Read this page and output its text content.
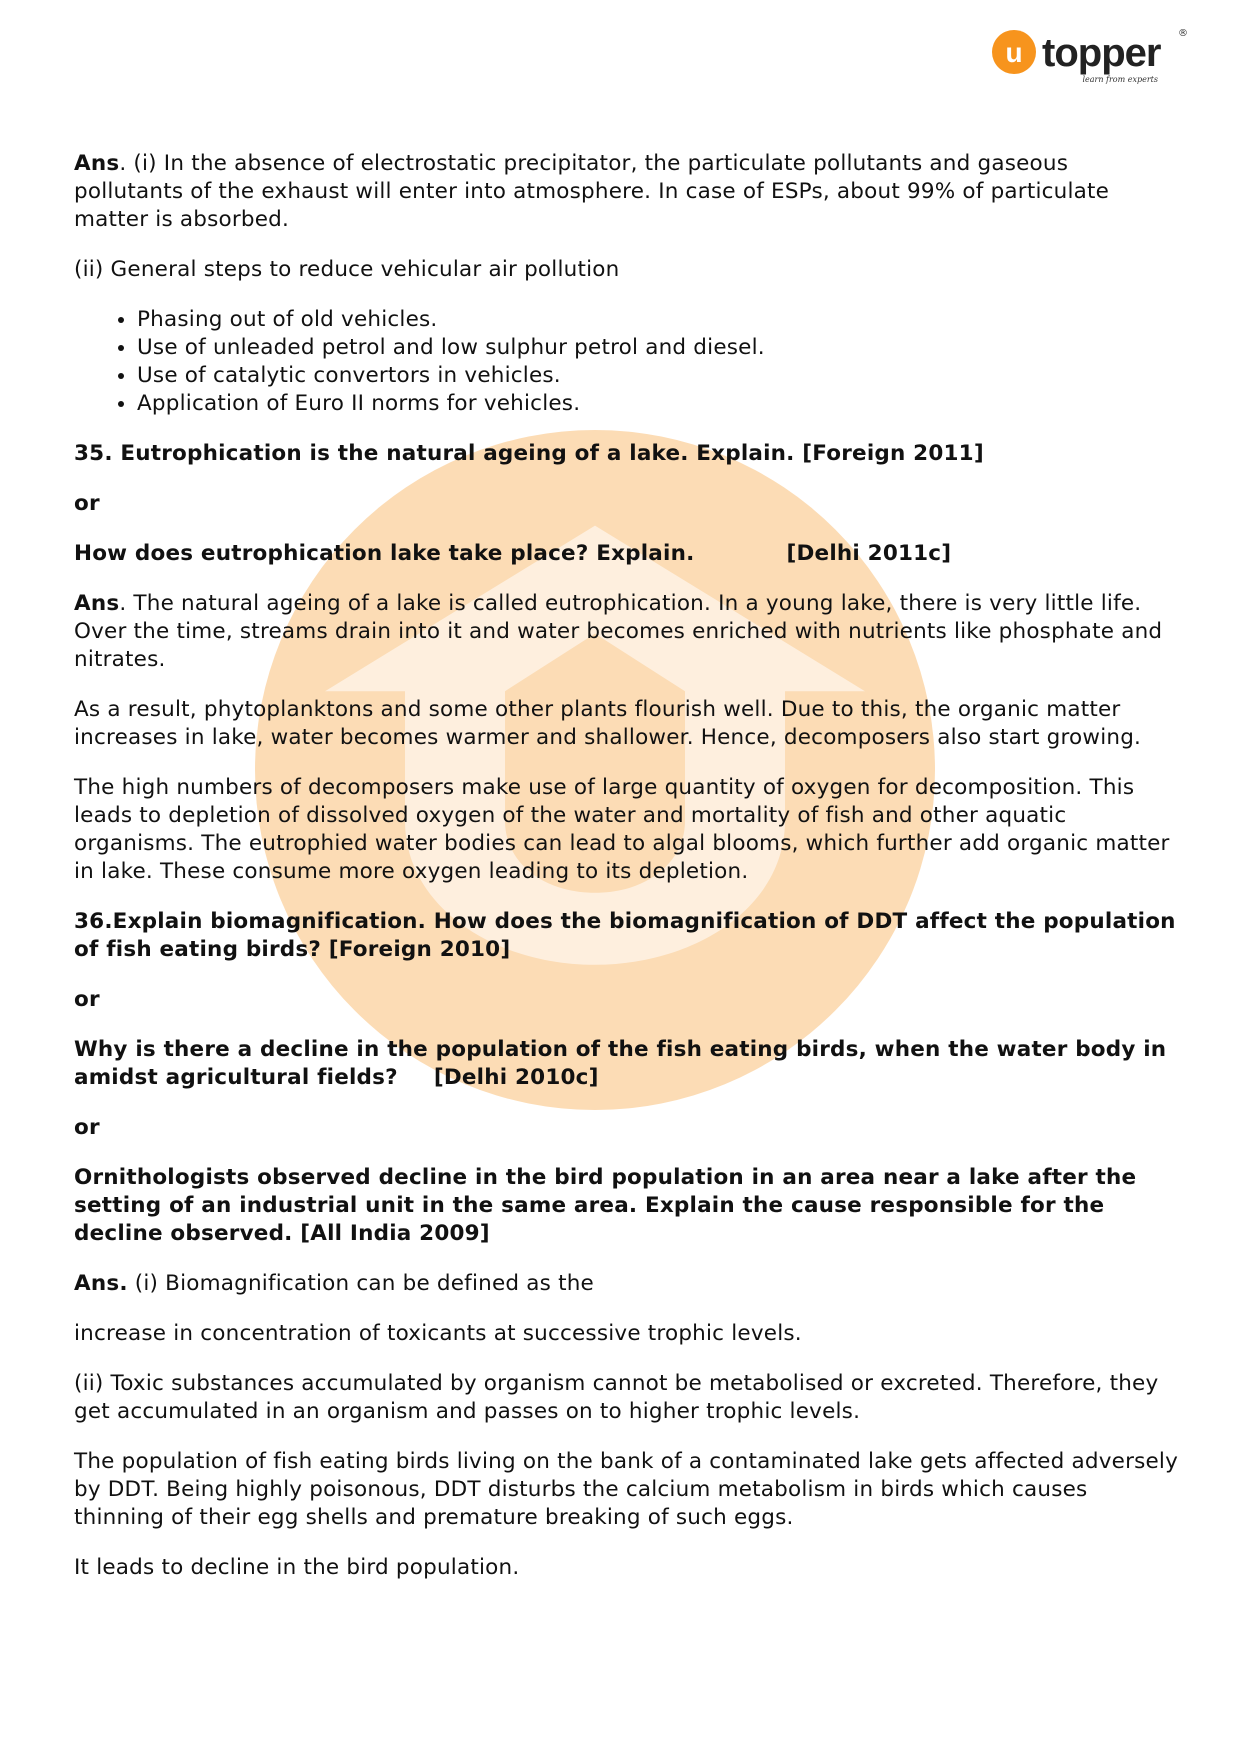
u topper
learn from experts
®

Ans. (i) In the absence of electrostatic precipitator, the particulate pollutants and gaseous pollutants of the exhaust will enter into atmosphere. In case of ESPs, about 99% of particulate matter is absorbed.

(ii) General steps to reduce vehicular air pollution

• Phasing out of old vehicles.
• Use of unleaded petrol and low sulphur petrol and diesel.
• Use of catalytic convertors in vehicles.
• Application of Euro II norms for vehicles.

35. Eutrophication is the natural ageing of a lake. Explain. [Foreign 2011]

or

How does eutrophication lake take place? Explain.	[Delhi 2011c]

Ans. The natural ageing of a lake is called eutrophication. In a young lake, there is very little life. Over the time, streams drain into it and water becomes enriched with nutrients like phosphate and nitrates.

As a result, phytoplanktons and some other plants flourish well. Due to this, the organic matter increases in lake, water becomes warmer and shallower. Hence, decomposers also start growing.

The high numbers of decomposers make use of large quantity of oxygen for decomposition. This leads to depletion of dissolved oxygen of the water and mortality of fish and other aquatic organisms. The eutrophied water bodies can lead to algal blooms, which further add organic matter in lake. These consume more oxygen leading to its depletion.

36.Explain biomagnification. How does the biomagnification of DDT affect the population of fish eating birds? [Foreign 2010]

or

Why is there a decline in the population of the fish eating birds, when the water body in amidst agricultural fields? [Delhi 2010c]

or

Ornithologists observed decline in the bird population in an area near a lake after the setting of an industrial unit in the same area. Explain the cause responsible for the decline observed. [All India 2009]

Ans. (i) Biomagnification can be defined as the

increase in concentration of toxicants at successive trophic levels.

(ii) Toxic substances accumulated by organism cannot be metabolised or excreted. Therefore, they get accumulated in an organism and passes on to higher trophic levels.

The population of fish eating birds living on the bank of a contaminated lake gets affected adversely by DDT. Being highly poisonous, DDT disturbs the calcium metabolism in birds which causes thinning of their egg shells and premature breaking of such eggs.

It leads to decline in the bird population.
